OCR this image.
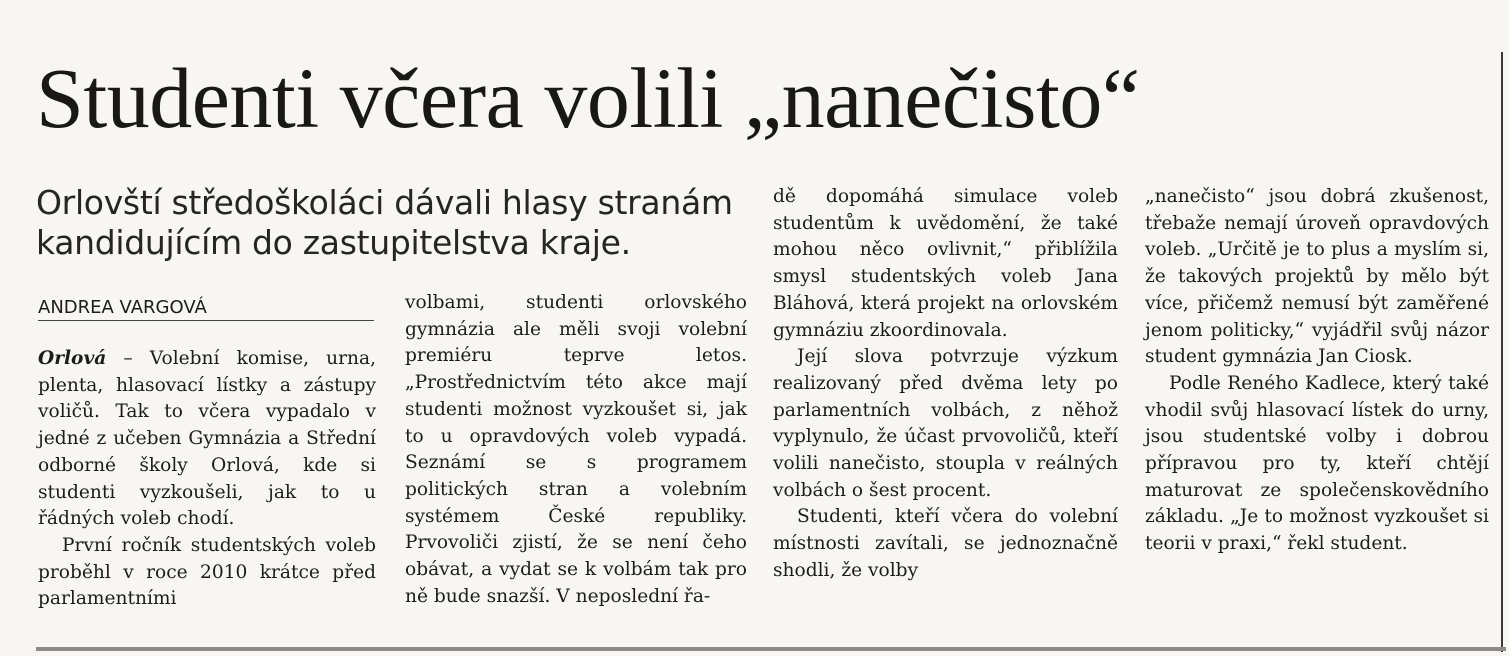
Studenti včera volili „nanečisto“
Orlovští středoškoláci dávali hlasy stranám kandidujícím do zastupitelstva kraje.
ANDREA VARGOVÁ

Orlová – Volební komise, urna, plenta, hlasovací lístky a zástupy voličů. Tak to včera vypadalo v jedné z učeben Gymnázia a Střední odborné školy Orlová, kde si studenti vyzkoušeli, jak to u řádných voleb chodí.

První ročník studentských voleb proběhl v roce 2010 krátce před parlamentními

volbami, studenti orlovského gymnázia ale měli svoji volební premiéru teprve letos. „Prostřednictvím této akce mají studenti možnost vyzkoušet si, jak to u opravdových voleb vypadá. Seznámí se s programem politických stran a volebním systémem České republiky. Prvovoliči zjistí, že se není čeho obávat, a vydat se k volbám tak pro ně bude snazší. V neposlední řa-

dě dopomáhá simulace voleb studentům k uvědomění, že také mohou něco ovlivnit,“ přiblížila smysl studentských voleb Jana Bláhová, která projekt na orlovském gymnáziu zkoordinovala.

Její slova potvrzuje výzkum realizovaný před dvěma lety po parlamentních volbách, z něhož vyplynulo, že účast prvovoličů, kteří volili nanečisto, stoupla v reálných volbách o šest procent.

Studenti, kteří včera do volební místnosti zavítali, se jednoznačně shodli, že volby

„nanečisto“ jsou dobrá zkušenost, třebaže nemají úroveň opravdových voleb. „Určitě je to plus a myslím si, že takových projektů by mělo být více, přičemž nemusí být zaměřené jenom politicky,“ vyjádřil svůj názor student gymnázia Jan Ciosk.

Podle Reného Kadlece, který také vhodil svůj hlasovací lístek do urny, jsou studentské volby i dobrou přípravou pro ty, kteří chtějí maturovat ze společenskovědního základu. „Je to možnost vyzkoušet si teorii v praxi,“ řekl student.
